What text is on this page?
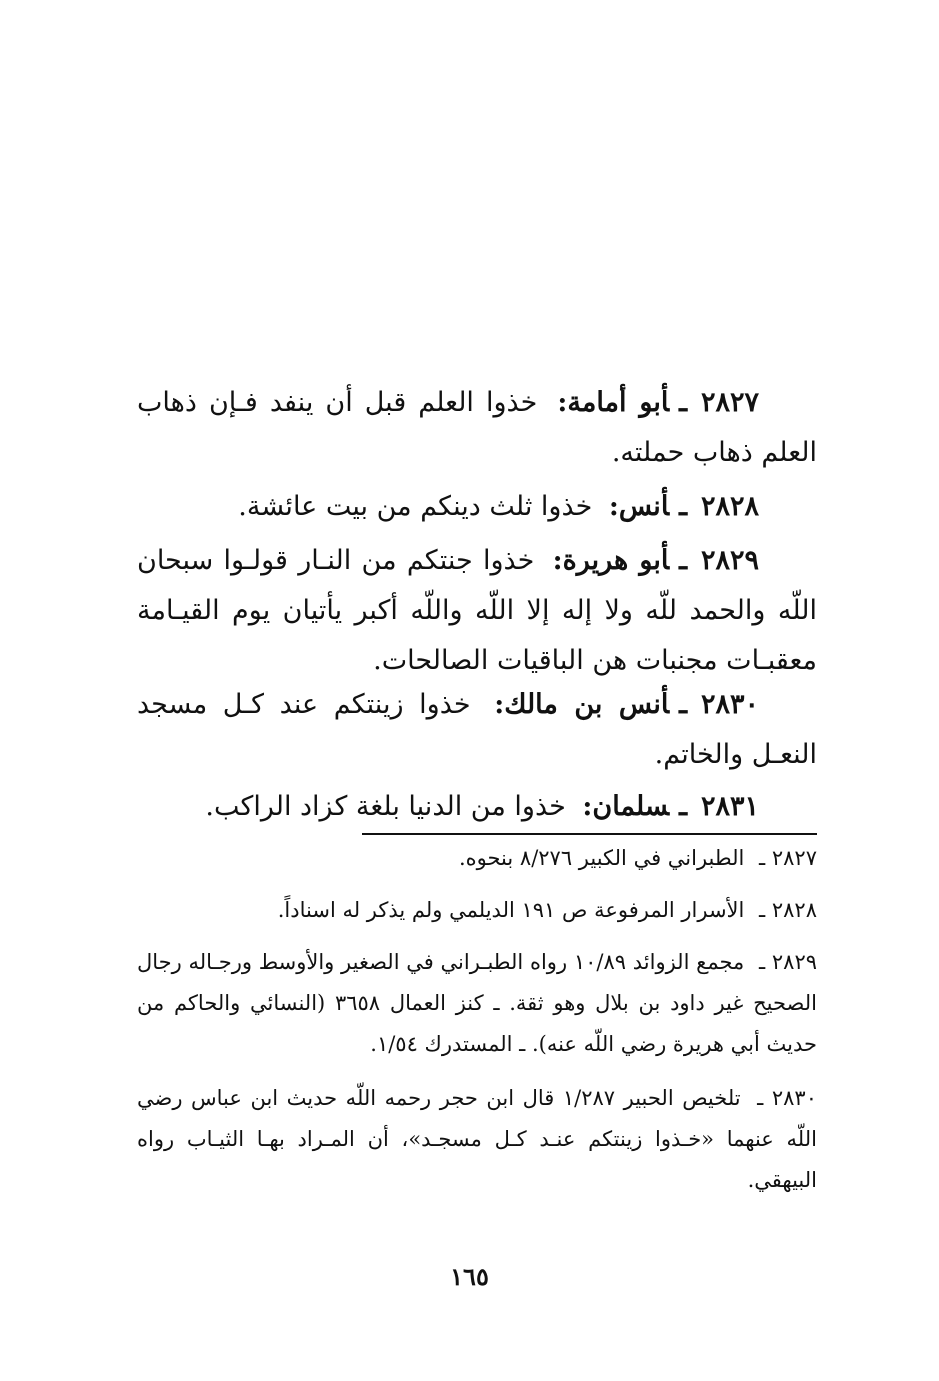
٢٨٢٧ـأبو أمامة: خذوا العلم قبل أن ينفد فـإن ذهاب العلم ذهاب حملته.
٢٨٢٨ـأنس: خذوا ثلث دينكم من بيت عائشة.
٢٨٢٩ـأبو هريرة: خذوا جنتكم من النـار قولـوا سبحان اللّه والحمد للّه ولا إله إلا اللّه واللّه أكبر يأتيان يوم القيـامة معقبـات مجنبات هن الباقيات الصالحات.
٢٨٣٠ـأنس بن مالك: خذوا زينتكم عند كـل مسجد النعـل والخاتم.
٢٨٣١ـسلمان: خذوا من الدنيا بلغة كزاد الراكب.
٢٨٢٧ ـ الطبراني في الكبير ٨/٢٧٦ بنحوه.
٢٨٢٨ ـ الأسرار المرفوعة ص ١٩١ الديلمي ولم يذكر له اسناداً.
٢٨٢٩ ـ مجمع الزوائد ١٠/٨٩ رواه الطبـراني في الصغير والأوسط ورجـاله رجال الصحيح غير داود بن بلال وهو ثقة. ـ كنز العمال ٣٦٥٨ (النسائي والحاكم من حديث أبي هريرة رضي اللّه عنه). ـ المستدرك ١/٥٤.
٢٨٣٠ ـ تلخيص الحبير ١/٢٨٧ قال ابن حجر رحمه اللّه حديث ابن عباس رضي اللّه عنهما «خـذوا زينتكم عنـد كـل مسجـد»، أن المـراد بهـا الثيـاب رواه البيهقي.
١٦٥
